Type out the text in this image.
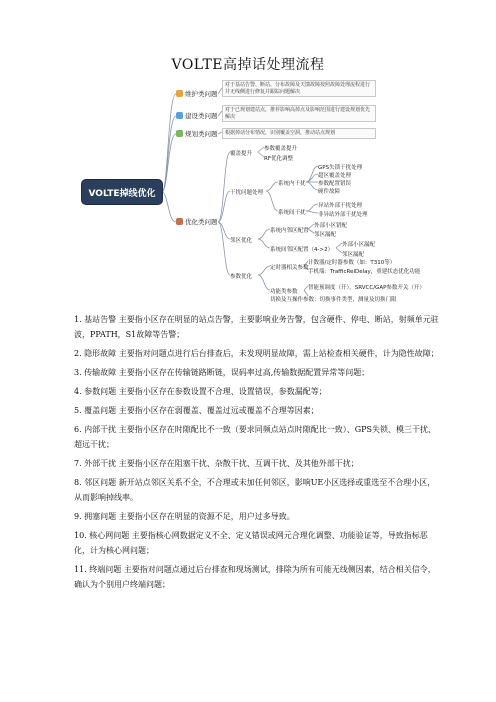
VOLTE高掉话处理流程
VOLTE掉线优化
维护类问题
对于基站告警、断站、分布故障及天馈故障按照故障处理流程进行并无线侧进行修复并跟踪问题解决
建设类问题
对于已规划建站点，推荐影响高掉点及影响范围进行建设规划优先解决
规划类问题	根据掉话分布情况，识别覆盖空洞，推动站点规划
优化类问题
覆盖提升
参数覆盖提升
RF优化调整
干扰问题处理
系统内干扰
GPS失锁干扰处理
超区覆盖处理
参数配置错误
硬件故障
系统间干扰
异站外部干扰处理
非异站外部干扰处理
邻区优化
系统内邻区配置
外部小区错配
邻区漏配
系统间邻区配置（4->2）
外部小区漏配
邻区漏配
参数优化
定时器相关参数
计数器/定时器参数（如：T310等）
手机端：TrafficRelDelay，重建状态优化功能
功能类参数
智能预调度（开），SRVCC/GAP参数开关（开）
切换及互操作参数：切换事件类型，测量及切换门限

1. 基站告警 主要指小区存在明显的站点告警，主要影响业务告警，包含硬件、停电、断站，射频单元驻波，PPATH，S1故障等告警；

2. 隐形故障 主要指对问题点进行后台排查后，未发现明显故障，需上站检查相关硬件，计为隐性故障；

3. 传输故障 主要指小区存在传输链路断链，误码率过高,传输数据配置异常等问题；

4. 参数问题 主要指小区存在参数设置不合理、设置错误，参数漏配等；

5. 覆盖问题 主要指小区存在弱覆盖、覆盖过远或覆盖不合理等因素；

6. 内部干扰 主要指小区存在时隙配比不一致（要求同频点站点时隙配比一致）、GPS失锁、模三干扰、超远干扰；

7. 外部干扰 主要指小区存在阻塞干扰、杂散干扰、互调干扰、及其他外部干扰；

8. 邻区问题 新开站点邻区关系不全，不合理或未加任何邻区，影响UE小区选择或重选至不合理小区，从而影响掉线率。

9. 拥塞问题 主要指小区存在明显的资源不足，用户过多导致。

10. 核心网问题 主要指核心网数据定义不全、定义错误或网元合理化调整、功能验证等，导致指标恶化，计为核心网问题；

11. 终端问题 主要指对问题点通过后台排查和现场测试，排除为所有可能无线侧因素，结合相关信令，确认为个别用户终端问题；
